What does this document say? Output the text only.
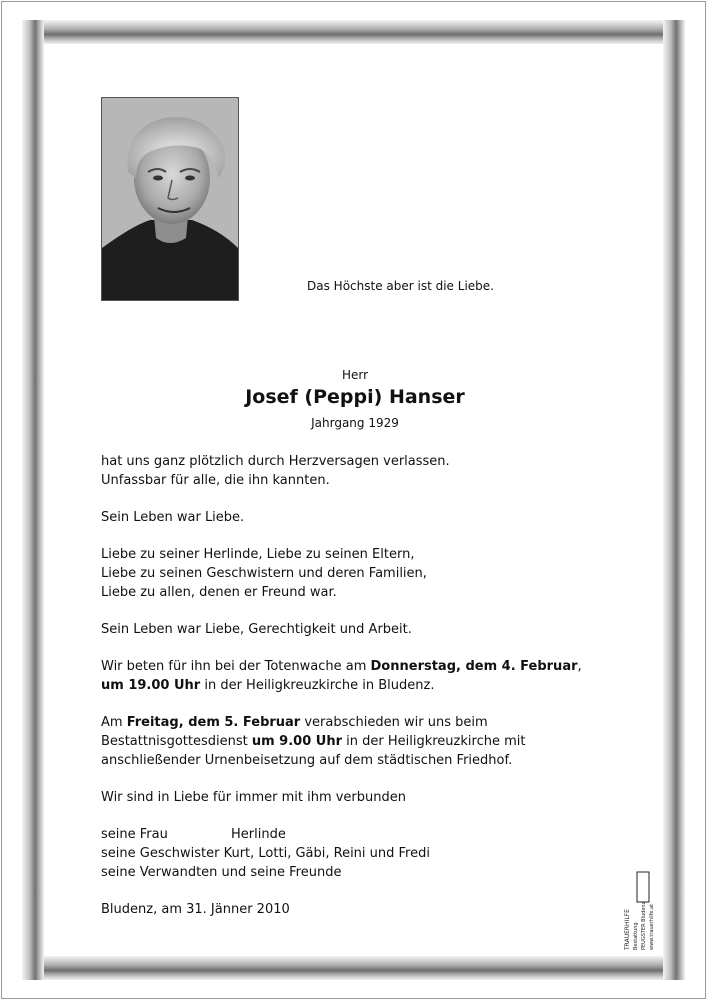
Das Höchste aber ist die Liebe.
Herr
Josef (Peppi) Hanser
Jahrgang 1929

hat uns ganz plötzlich durch Herzversagen verlassen.

Unfassbar für alle, die ihn kannten.

Sein Leben war Liebe.

Liebe zu seiner Herlinde, Liebe zu seinen Eltern,

Liebe zu seinen Geschwistern und deren Familien,

Liebe zu allen, denen er Freund war.

Sein Leben war Liebe, Gerechtigkeit und Arbeit.

Wir beten für ihn bei der Totenwache am Donnerstag, dem 4. Februar,

um 19.00 Uhr in der Heiligkreuzkirche in Bludenz.

Am Freitag, dem 5. Februar verabschieden wir uns beim

Bestattnisgottesdienst um 9.00 Uhr in der Heiligkreuzkirche mit

anschließender Urnenbeisetzung auf dem städtischen Friedhof.

Wir sind in Liebe für immer mit ihm verbunden

seine Frau	Herlinde
seine Geschwister Kurt, Lotti, Gäbi, Reini und Fredi
seine Verwandten und seine Freunde

Bludenz, am 31. Jänner 2010	TRAUERHILFE Bestattung PEUGSTER Bludenz www.trauerhilfe.at
